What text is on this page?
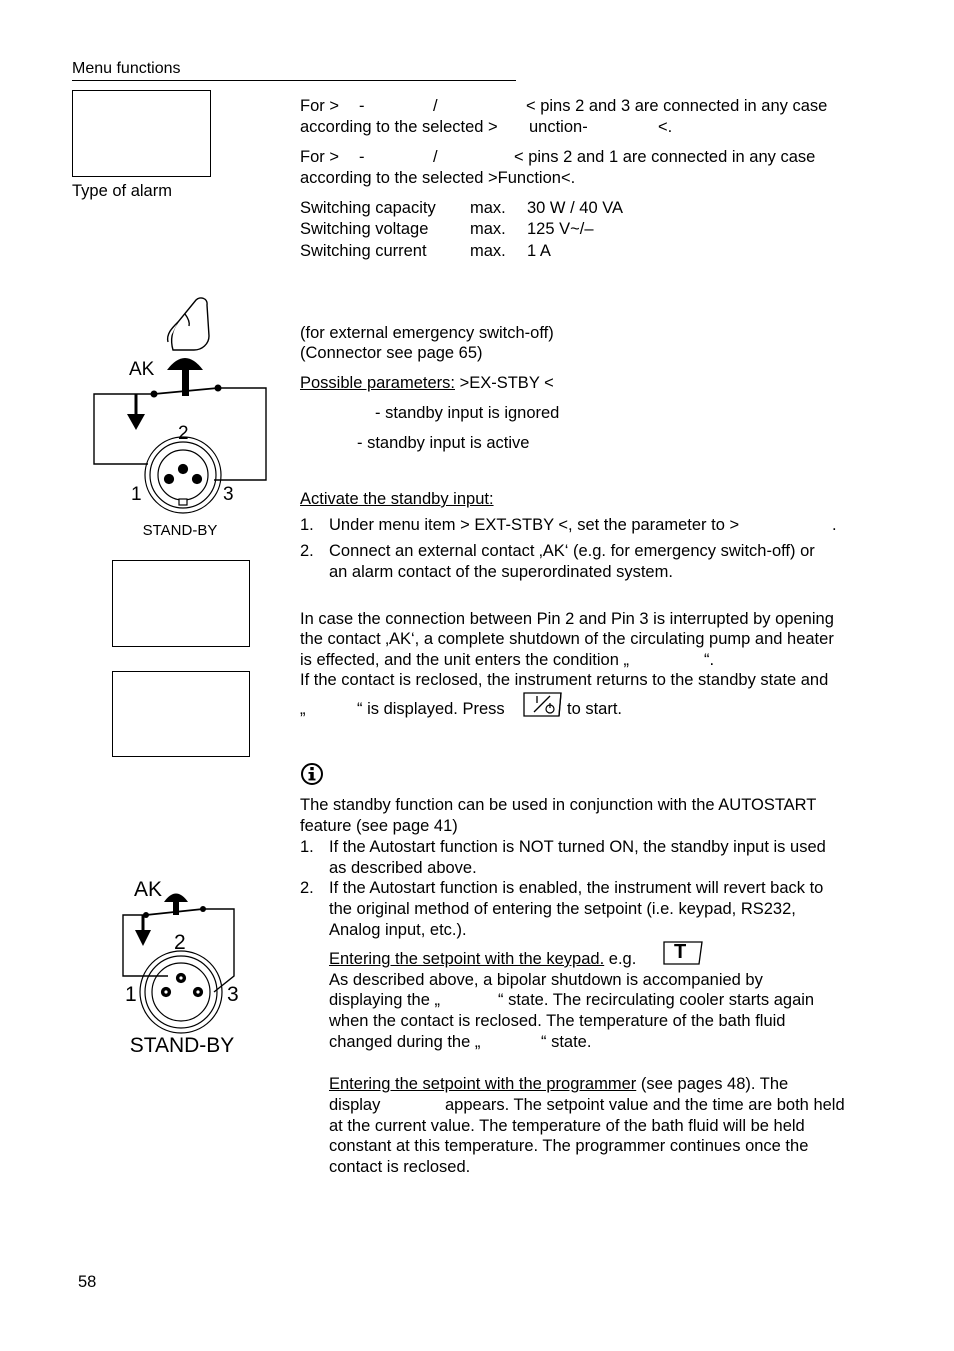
Menu functions
Type of alarm
For > -	/	< pins 2 and 3 are connected in any case
according to the selected > unction-	<.
For > -	/	< pins 2 and 1 are connected in any case
according to the selected >Function<.
Switching capacity max. 30 W / 40 VA
Switching voltage	max. 125 V~/–
Switching current	max. 1 A
AK
2
1	3
STAND-BY
(for external emergency switch-off)
(Connector see page 65)
Possible parameters: >EX-STBY <
- standby input is ignored
- standby input is active
Activate the standby input:
1. Under menu item > EXT-STBY <, set the parameter to >	.
2. Connect an external contact ‚AK‘ (e.g. for emergency switch-off) or
an alarm contact of the superordinated system.
In case the connection between Pin 2 and Pin 3 is interrupted by opening
the contact ‚AK‘, a complete shutdown of the circulating pump and heater
is effected, and the unit enters the condition „	“.
If the contact is reclosed, the instrument returns to the standby state and
„	“ is displayed. Press	to start.
The standby function can be used in conjunction with the AUTOSTART
feature (see page 41)
1. If the Autostart function is NOT turned ON, the standby input is used
as described above.
2. If the Autostart function is enabled, the instrument will revert back to
the original method of entering the setpoint (i.e. keypad, RS232,
Analog input, etc.).
Entering the setpoint with the keypad. e.g. T
As described above, a bipolar shutdown is accompanied by
displaying the „	“ state. The recirculating cooler starts again
when the contact is reclosed. The temperature of the bath fluid
changed during the „	“ state.
Entering the setpoint with the programmer (see pages 48). The
display	appears. The setpoint value and the time are both held
at the current value. The temperature of the bath fluid will be held
constant at this temperature. The programmer continues once the
contact is reclosed.
AK
2
1	3
STAND-BY
58
